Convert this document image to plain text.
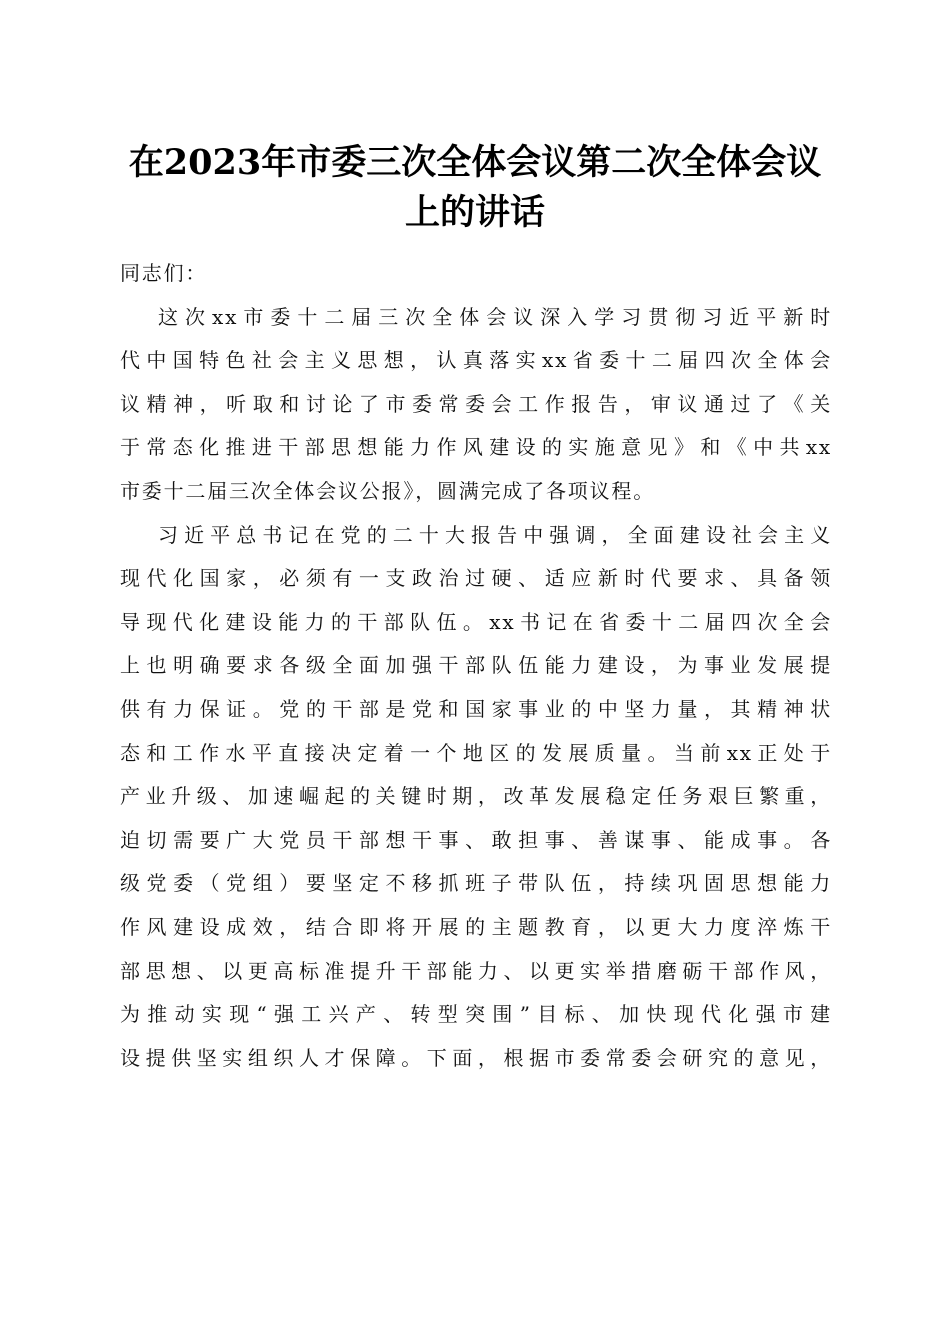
在2023年市委三次全体会议第二次全体会议
上的讲话
同志们：
这次xx市委十二届三次全体会议深入学习贯彻习近平新时
代中国特色社会主义思想，认真落实xx省委十二届四次全体会
议精神，听取和讨论了市委常委会工作报告，审议通过了《关
于常态化推进干部思想能力作风建设的实施意见》和《中共xx
市委十二届三次全体会议公报》，圆满完成了各项议程。
习近平总书记在党的二十大报告中强调，全面建设社会主义
现代化国家，必须有一支政治过硬、适应新时代要求、具备领
导现代化建设能力的干部队伍。xx书记在省委十二届四次全会
上也明确要求各级全面加强干部队伍能力建设，为事业发展提
供有力保证。党的干部是党和国家事业的中坚力量，其精神状
态和工作水平直接决定着一个地区的发展质量。当前xx正处于
产业升级、加速崛起的关键时期，改革发展稳定任务艰巨繁重，
迫切需要广大党员干部想干事、敢担事、善谋事、能成事。各
级党委（党组）要坚定不移抓班子带队伍，持续巩固思想能力
作风建设成效，结合即将开展的主题教育，以更大力度淬炼干
部思想、以更高标准提升干部能力、以更实举措磨砺干部作风，
为推动实现“强工兴产、转型突围”目标、加快现代化强市建
设提供坚实组织人才保障。下面，根据市委常委会研究的意见，
